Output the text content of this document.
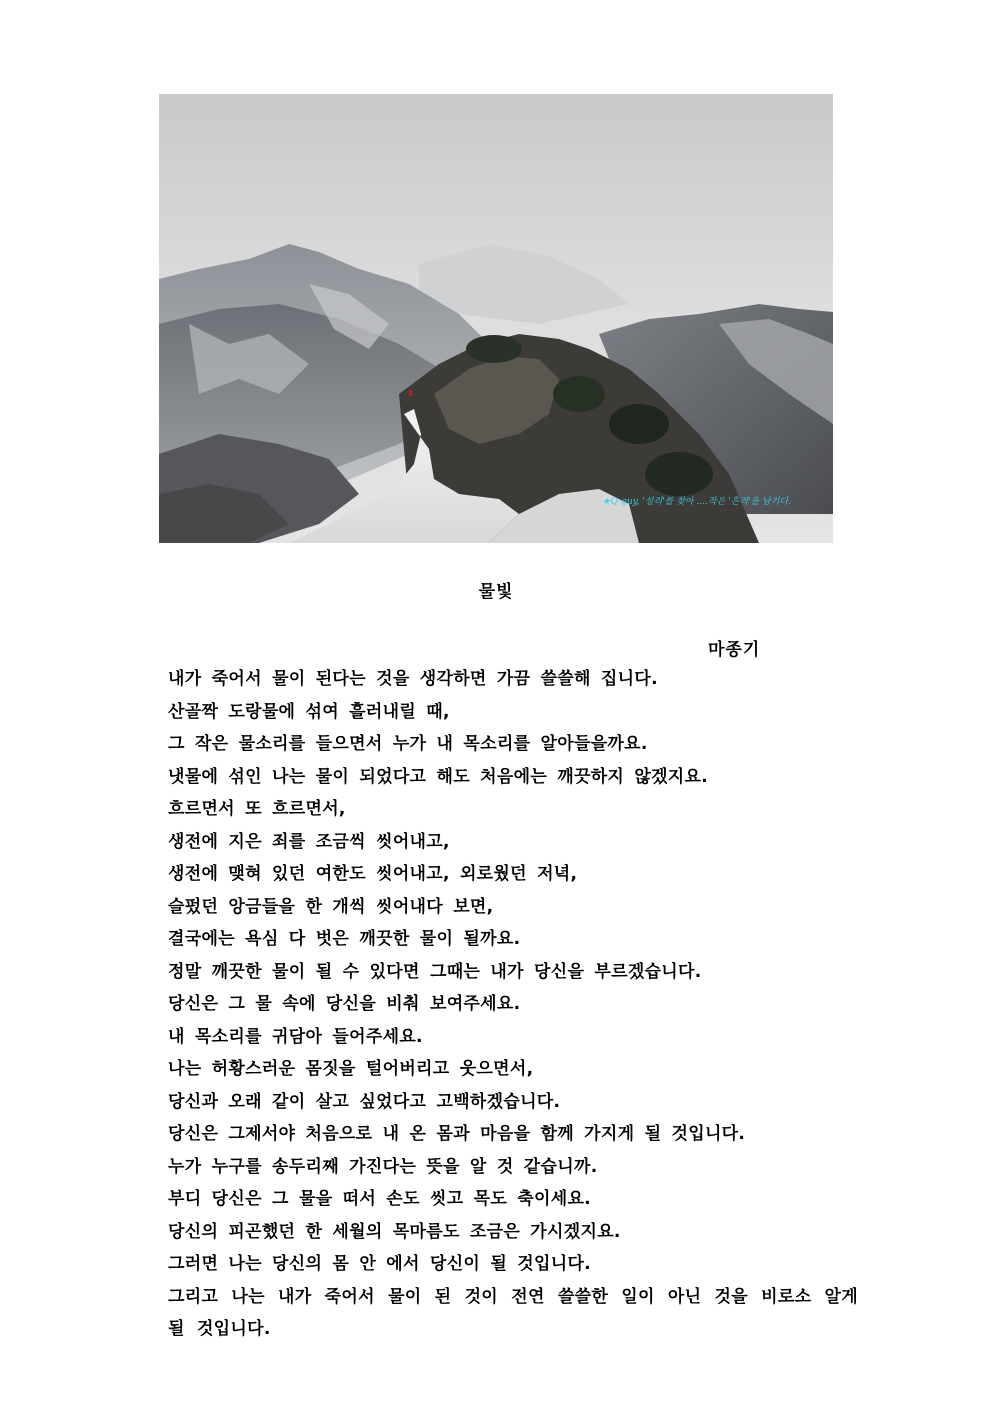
★Q-guy, '설리'를 찾아 ....작은 '흔적'을 남기다.
물빛
마종기
내가 죽어서 물이 된다는 것을 생각하면 가끔 쓸쓸해 집니다.
산골짝 도랑물에 섞여 흘러내릴 때,
그 작은 물소리를 들으면서 누가 내 목소리를 알아들을까요.
냇물에 섞인 나는 물이 되었다고 해도 처음에는 깨끗하지 않겠지요.
흐르면서 또 흐르면서,
생전에 지은 죄를 조금씩 씻어내고,
생전에 맺혀 있던 여한도 씻어내고, 외로웠던 저녁,
슬펐던 앙금들을 한 개씩 씻어내다 보면,
결국에는 욕심 다 벗은 깨끗한 물이 될까요.
정말 깨끗한 물이 될 수 있다면 그때는 내가 당신을 부르겠습니다.
당신은 그 물 속에 당신을 비춰 보여주세요.
내 목소리를 귀담아 들어주세요.
나는 허황스러운 몸짓을 털어버리고 웃으면서,
당신과 오래 같이 살고 싶었다고 고백하겠습니다.
당신은 그제서야 처음으로 내 온 몸과 마음을 함께 가지게 될 것입니다.
누가 누구를 송두리째 가진다는 뜻을 알 것 같습니까.
부디 당신은 그 물을 떠서 손도 씻고 목도 축이세요.
당신의 피곤했던 한 세월의 목마름도 조금은 가시겠지요.
그러면 나는 당신의 몸 안 에서 당신이 될 것입니다.
그리고 나는 내가 죽어서 물이 된 것이 전연 쓸쓸한 일이 아닌 것을 비로소 알게 될 것입니다.
